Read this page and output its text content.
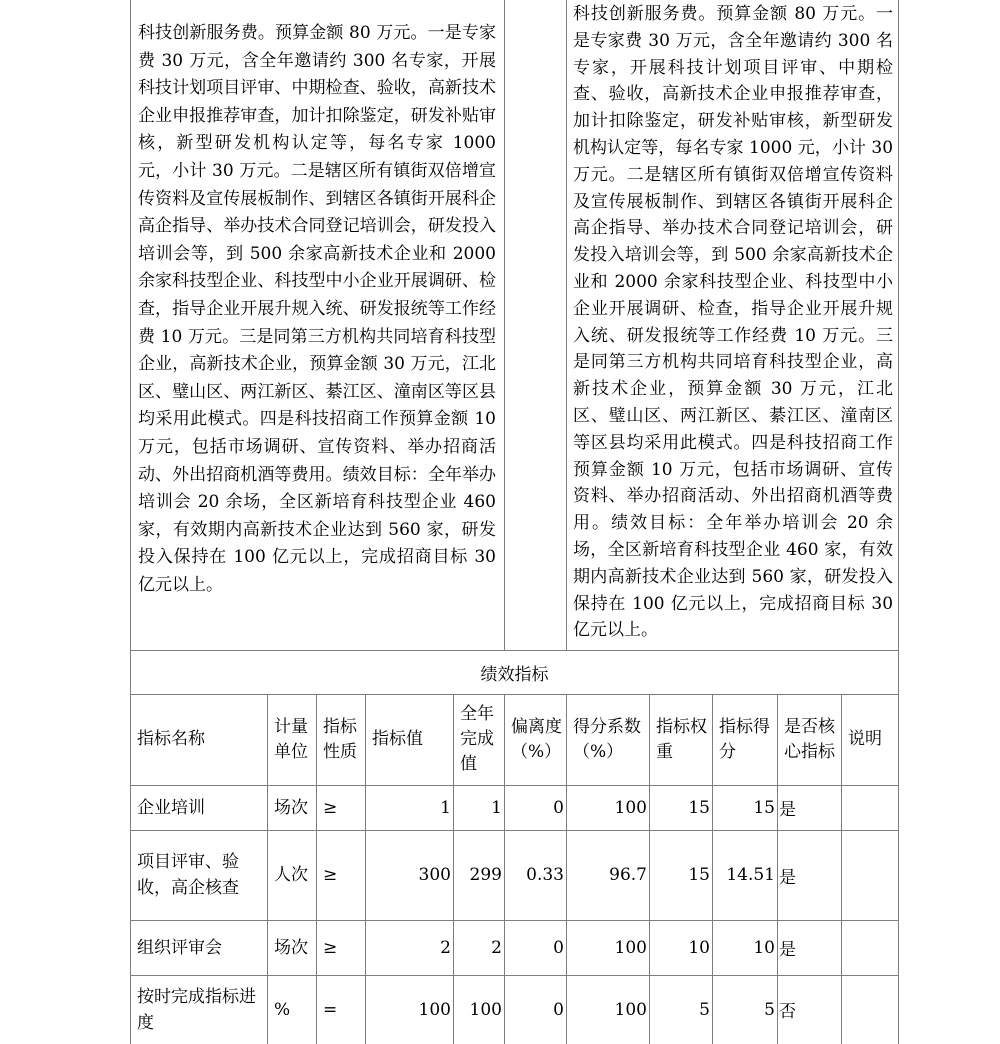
科技创新服务费。预算金额 80 万元。一是专家费 30 万元，含全年邀请约 300 名专家，开展科技计划项目评审、中期检查、验收，高新技术企业申报推荐审查，加计扣除鉴定，研发补贴审核，新型研发机构认定等，每名专家 1000 元，小计 30 万元。二是辖区所有镇街双倍增宣传资料及宣传展板制作、到辖区各镇街开展科企高企指导、举办技术合同登记培训会，研发投入培训会等，到 500 余家高新技术企业和 2000 余家科技型企业、科技型中小企业开展调研、检查，指导企业开展升规入统、研发报统等工作经费 10 万元。三是同第三方机构共同培育科技型企业，高新技术企业，预算金额 30 万元，江北区、璧山区、两江新区、綦江区、潼南区等区县均采用此模式。四是科技招商工作预算金额 10 万元，包括市场调研、宣传资料、举办招商活动、外出招商机酒等费用。绩效目标：全年举办培训会 20 余场，全区新培育科技型企业 460 家，有效期内高新技术企业达到 560 家，研发投入保持在 100 亿元以上，完成招商目标 30 亿元以上。		科技创新服务费。预算金额 80 万元。一是专家费 30 万元，含全年邀请约 300 名专家，开展科技计划项目评审、中期检查、验收，高新技术企业申报推荐审查，加计扣除鉴定，研发补贴审核，新型研发机构认定等，每名专家 1000 元，小计 30 万元。二是辖区所有镇街双倍增宣传资料及宣传展板制作、到辖区各镇街开展科企高企指导、举办技术合同登记培训会，研发投入培训会等，到 500 余家高新技术企业和 2000 余家科技型企业、科技型中小企业开展调研、检查，指导企业开展升规入统、研发报统等工作经费 10 万元。三是同第三方机构共同培育科技型企业，高新技术企业，预算金额 30 万元，江北区、璧山区、两江新区、綦江区、潼南区等区县均采用此模式。四是科技招商工作预算金额 10 万元，包括市场调研、宣传资料、举办招商活动、外出招商机酒等费用。绩效目标：全年举办培训会 20 余场，全区新培育科技型企业 460 家，有效期内高新技术企业达到 560 家，研发投入保持在 100 亿元以上，完成招商目标 30 亿元以上。
绩效指标										
指标名称	计量单位	指标性质	指标值	全年完成值	偏离度（%）	得分系数（%）	指标权重	指标得分	是否核心指标	说明
企业培训	场次	≥	1	1	0	100	15	15	是	
项目评审、验收，高企核查	人次	≥	300	299	0.33	96.7	15	14.51	是	
组织评审会	场次	≥	2	2	0	100	10	10	是	
按时完成指标进度	%	=	100	100	0	100	5	5	否	
